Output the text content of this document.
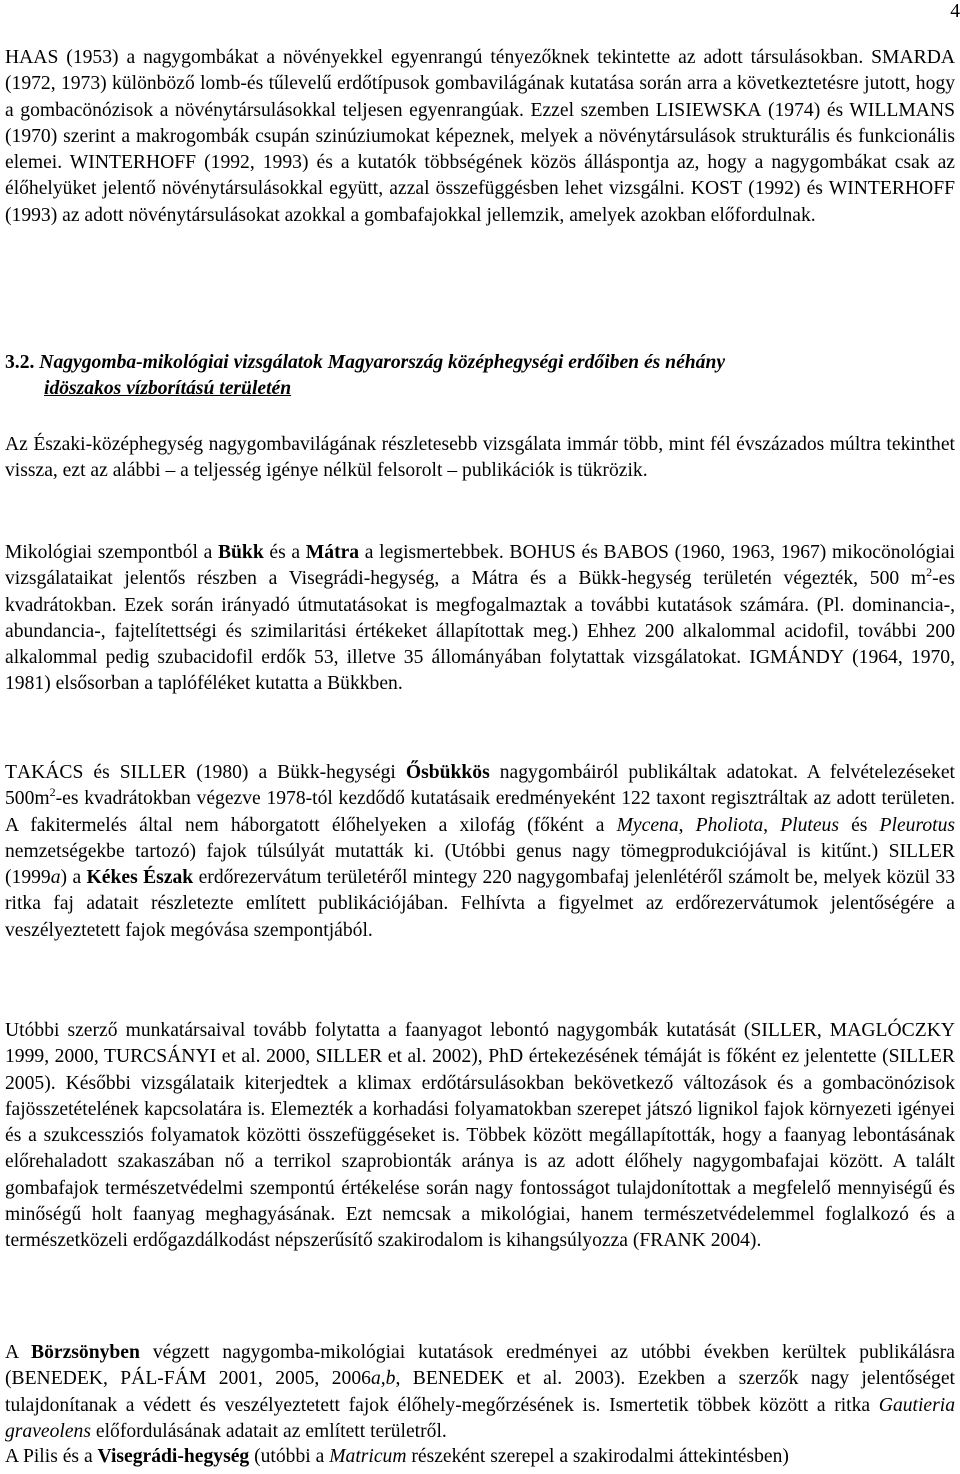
4

HAAS (1953) a nagygombákat a növényekkel egyenrangú tényezőknek tekintette az adott társulásokban. SMARDA (1972, 1973) különböző lomb-és tűlevelű erdőtípusok gombavilágának kutatása során arra a következtetésre jutott, hogy a gombacönózisok a növénytársulásokkal teljesen egyenrangúak. Ezzel szemben LISIEWSKA (1974) és WILLMANS (1970) szerint a makrogombák csupán szinúziumokat képeznek, melyek a növénytársulások strukturális és funkcionális elemei. WINTERHOFF (1992, 1993) és a kutatók többségének közös álláspontja az, hogy a nagygombákat csak az élőhelyüket jelentő növénytársulásokkal együtt, azzal összefüggésben lehet vizsgálni. KOST (1992) és WINTERHOFF (1993) az adott növénytársulásokat azokkal a gombafajokkal jellemzik, amelyek azokban előfordulnak.

3.2. Nagygomba-mikológiai vizsgálatok Magyarország középhegységi erdőiben és néhány
idöszakos vízborítású területén

Az Északi-középhegység nagygombavilágának részletesebb vizsgálata immár több, mint fél évszázados múltra tekinthet vissza, ezt az alábbi – a teljesség igénye nélkül felsorolt – publikációk is tükrözik.

Mikológiai szempontból a Bükk és a Mátra a legismertebbek. BOHUS és BABOS (1960, 1963, 1967) mikocönológiai vizsgálataikat jelentős részben a Visegrádi-hegység, a Mátra és a Bükk-hegység területén végezték, 500 $m^2-es$ kvadrátokban. Ezek során irányadó útmutatásokat is megfogalmaztak a további kutatások számára. (Pl. dominancia-, abundancia-, fajtelítettségi és szimilaritási értékeket állapítottak meg.) Ehhez 200 alkalommal acidofil, további 200 alkalommal pedig szubacidofil erdők 53, illetve 35 állományában folytattak vizsgálatokat. IGMÁNDY (1964, 1970, 1981) elsősorban a taplóféléket kutatta a Bükkben.

TAKÁCS és SILLER (1980) a Bükk-hegységi Ősbükkös nagygombáiról publikáltak adatokat. A felvételezéseket $500m^2-es$ kvadrátokban végezve 1978-tól kezdődő kutatásaik eredményeként 122 taxont regisztráltak az adott területen. A fakitermelés által nem háborgatott élőhelyeken a xilofág (főként a Mycena, Pholiota, Pluteus és Pleurotus nemzetségekbe tartozó) fajok túlsúlyát mutatták ki. (Utóbbi genus nagy tömegprodukciójával is kitűnt.) SILLER (1999a) a Kékes Észak erdőrezervátum területéről mintegy 220 nagygombafaj jelenlétéről számolt be, melyek közül 33 ritka faj adatait részletezte említett publikációjában. Felhívta a figyelmet az erdőrezervátumok jelentőségére a veszélyeztetett fajok megóvása szempontjából.

Utóbbi szerző munkatársaival tovább folytatta a faanyagot lebontó nagygombák kutatását (SILLER, MAGLÓCZKY 1999, 2000, TURCSÁNYI et al. 2000, SILLER et al. 2002), PhD értekezésének témáját is főként ez jelentette (SILLER 2005). Későbbi vizsgálataik kiterjedtek a klimax erdőtársulásokban bekövetkező változások és a gombacönózisok fajösszetételének kapcsolatára is. Elemezték a korhadási folyamatokban szerepet játszó lignikol fajok környezeti igényei és a szukcessziós folyamatok közötti összefüggéseket is. Többek között megállapították, hogy a faanyag lebontásának előrehaladott szakaszában nő a terrikol szaprobionták aránya is az adott élőhely nagygombafajai között. A talált gombafajok természetvédelmi szempontú értékelése során nagy fontosságot tulajdonítottak a megfelelő mennyiségű és minőségű holt faanyag meghagyásának. Ezt nemcsak a mikológiai, hanem természetvédelemmel foglalkozó és a természetközeli erdőgazdálkodást népszerűsítő szakirodalom is kihangsúlyozza (FRANK 2004).

A Börzsönyben végzett nagygomba-mikológiai kutatások eredményei az utóbbi években kerültek publikálásra (BENEDEK, PÁL-FÁM 2001, 2005, 2006a,b, BENEDEK et al. 2003). Ezekben a szerzők nagy jelentőséget tulajdonítanak a védett és veszélyeztetett fajok élőhely-megőrzésének is. Ismertetik többek között a ritka Gautieria graveolens előfordulásának adatait az említett területről.

A Pilis és a Visegrádi-hegység (utóbbi a Matricum részeként szerepel a szakirodalmi áttekintésben)
